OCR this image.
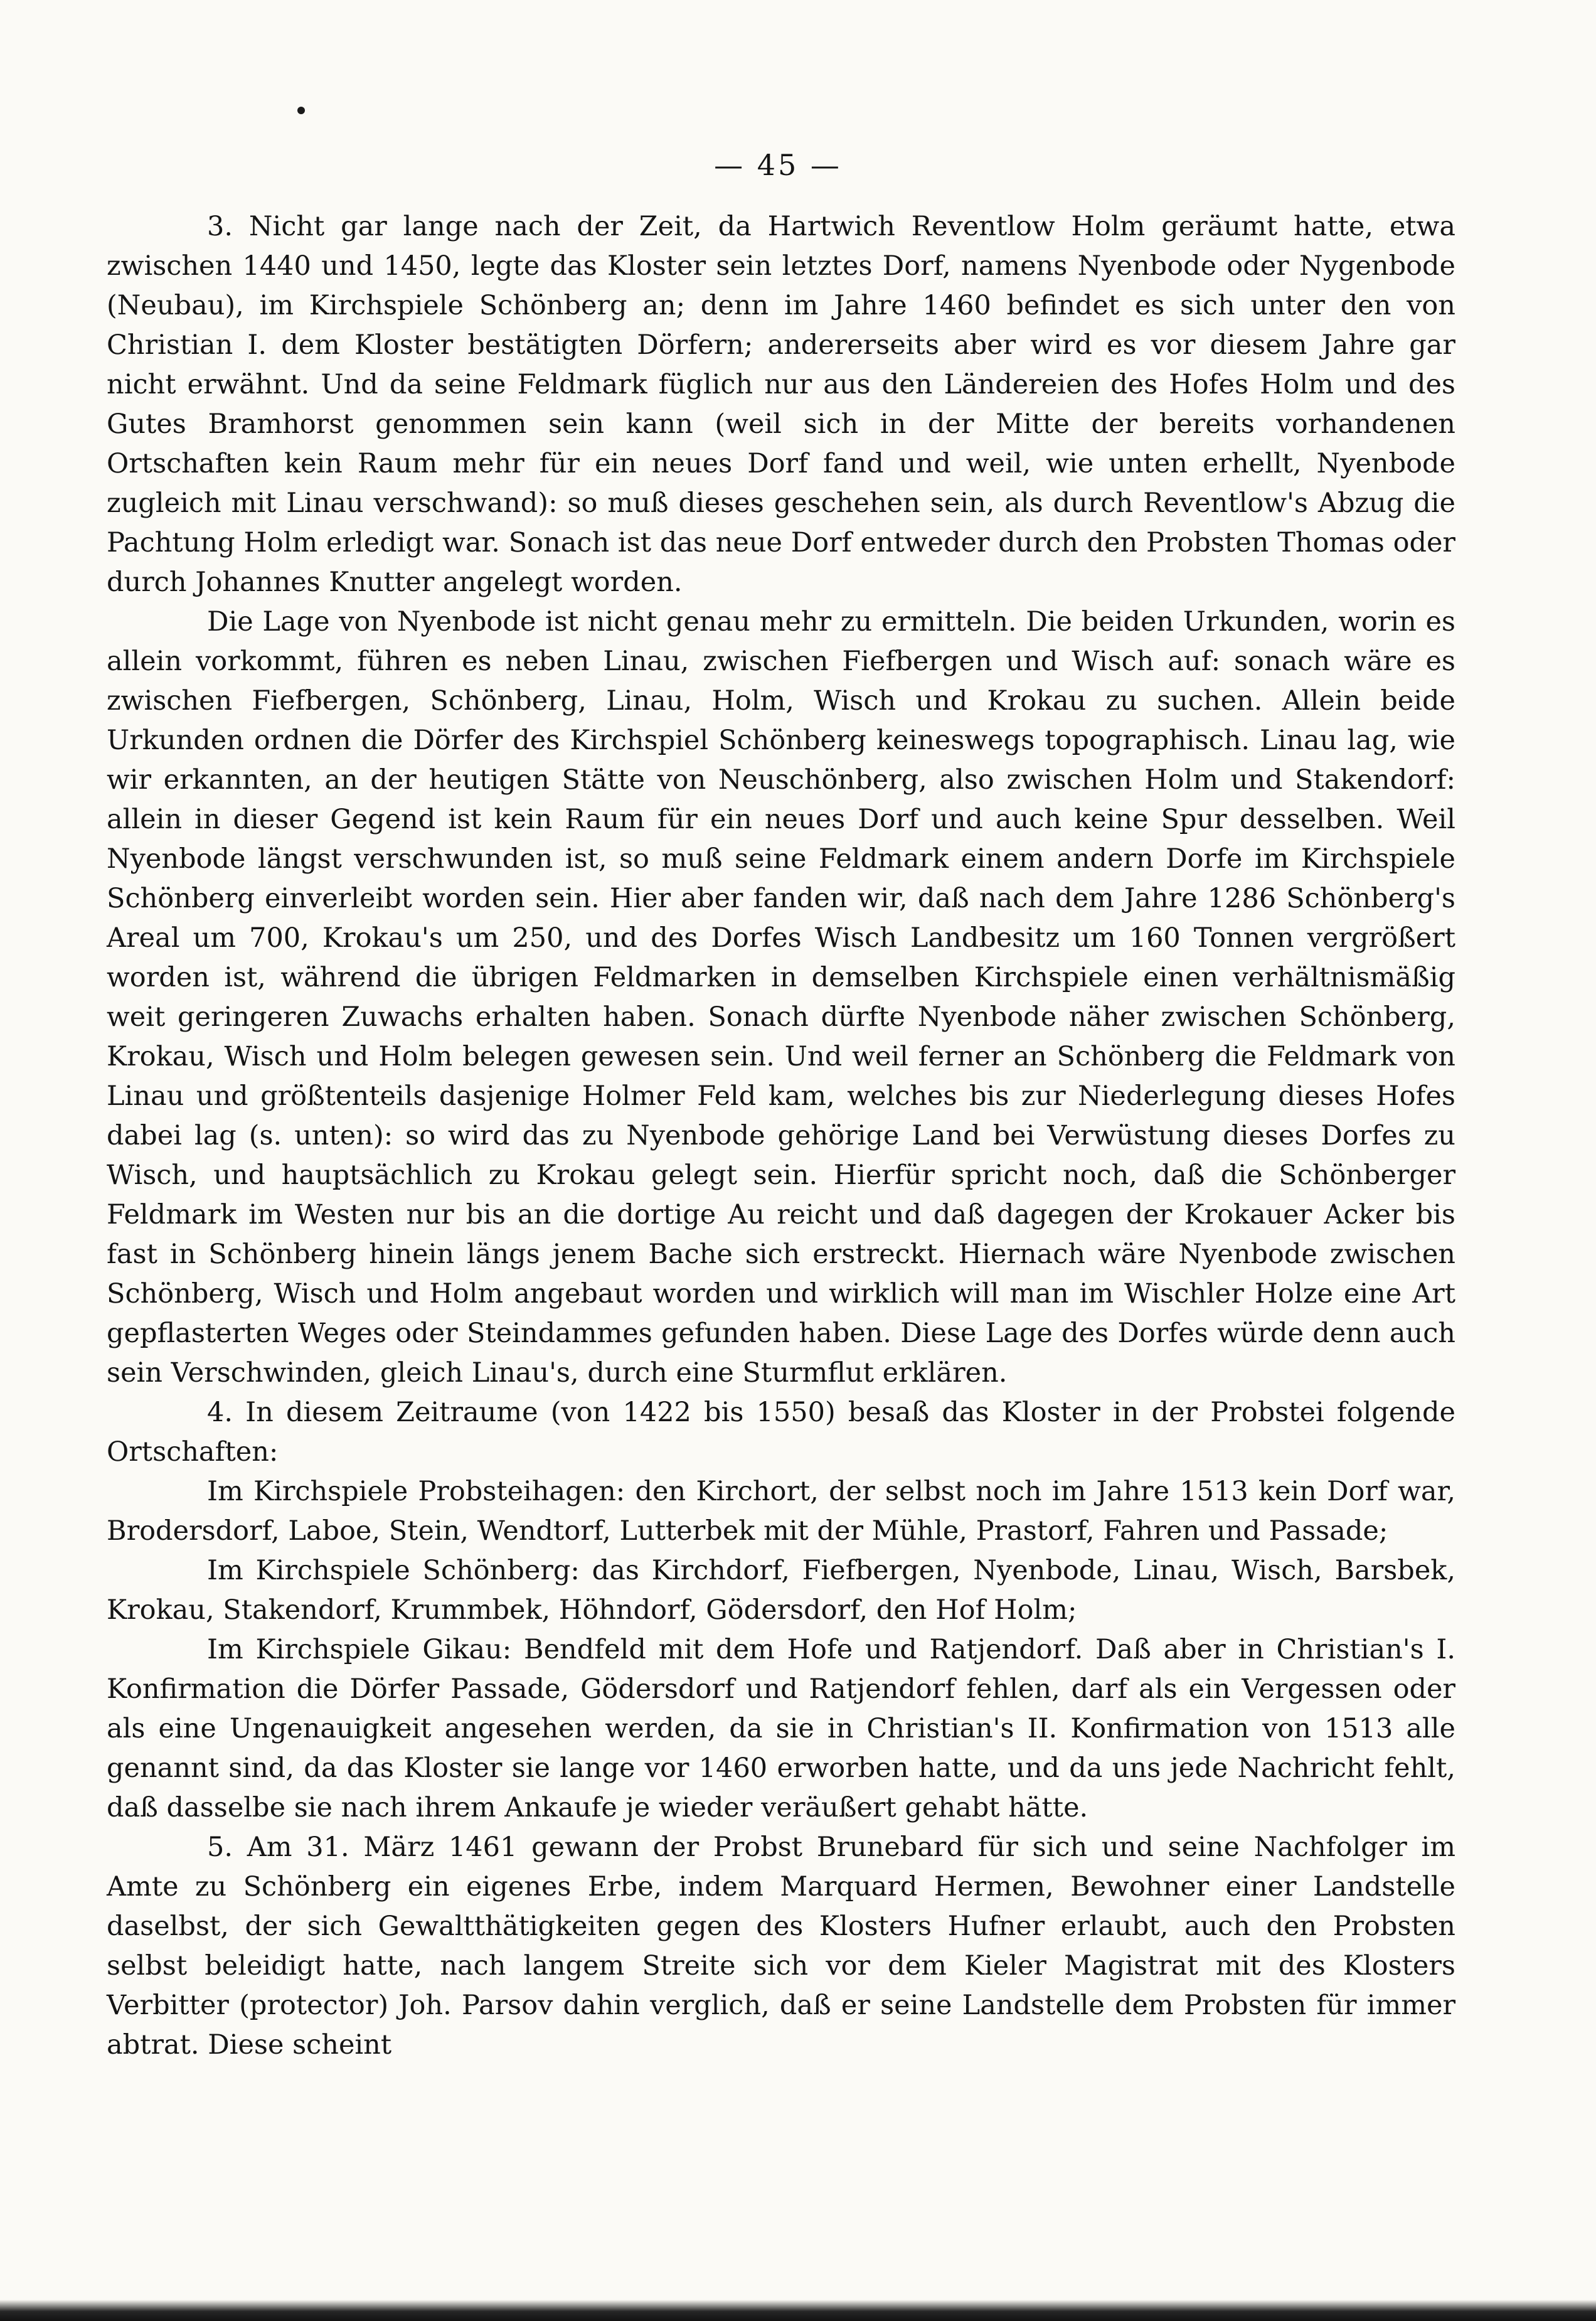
— 45 —

3. Nicht gar lange nach der Zeit, da Hartwich Reventlow Holm geräumt hatte, etwa zwischen 1440 und 1450, legte das Kloster sein letztes Dorf, namens Nyenbode oder Nygenbode (Neubau), im Kirchspiele Schönberg an; denn im Jahre 1460 befindet es sich unter den von Christian I. dem Kloster bestätigten Dörfern; andererseits aber wird es vor diesem Jahre gar nicht erwähnt. Und da seine Feldmark füglich nur aus den Ländereien des Hofes Holm und des Gutes Bramhorst genommen sein kann (weil sich in der Mitte der bereits vorhandenen Ortschaften kein Raum mehr für ein neues Dorf fand und weil, wie unten erhellt, Nyenbode zugleich mit Linau verschwand): so muß dieses geschehen sein, als durch Reventlow's Abzug die Pachtung Holm erledigt war. Sonach ist das neue Dorf entweder durch den Probsten Thomas oder durch Johannes Knutter angelegt worden.

Die Lage von Nyenbode ist nicht genau mehr zu ermitteln. Die beiden Urkunden, worin es allein vorkommt, führen es neben Linau, zwischen Fiefbergen und Wisch auf: sonach wäre es zwischen Fiefbergen, Schönberg, Linau, Holm, Wisch und Krokau zu suchen. Allein beide Urkunden ordnen die Dörfer des Kirchspiel Schönberg keineswegs topographisch. Linau lag, wie wir erkannten, an der heutigen Stätte von Neuschönberg, also zwischen Holm und Stakendorf: allein in dieser Gegend ist kein Raum für ein neues Dorf und auch keine Spur desselben. Weil Nyenbode längst verschwunden ist, so muß seine Feldmark einem andern Dorfe im Kirchspiele Schönberg einverleibt worden sein. Hier aber fanden wir, daß nach dem Jahre 1286 Schönberg's Areal um 700, Krokau's um 250, und des Dorfes Wisch Landbesitz um 160 Tonnen vergrößert worden ist, während die übrigen Feldmarken in demselben Kirchspiele einen verhältnismäßig weit geringeren Zuwachs erhalten haben. Sonach dürfte Nyenbode näher zwischen Schönberg, Krokau, Wisch und Holm belegen gewesen sein. Und weil ferner an Schönberg die Feldmark von Linau und größtenteils dasjenige Holmer Feld kam, welches bis zur Niederlegung dieses Hofes dabei lag (s. unten): so wird das zu Nyenbode gehörige Land bei Verwüstung dieses Dorfes zu Wisch, und hauptsächlich zu Krokau gelegt sein. Hierfür spricht noch, daß die Schönberger Feldmark im Westen nur bis an die dortige Au reicht und daß dagegen der Krokauer Acker bis fast in Schönberg hinein längs jenem Bache sich erstreckt. Hiernach wäre Nyenbode zwischen Schönberg, Wisch und Holm angebaut worden und wirklich will man im Wischler Holze eine Art gepflasterten Weges oder Steindammes gefunden haben. Diese Lage des Dorfes würde denn auch sein Verschwinden, gleich Linau's, durch eine Sturmflut erklären.

4. In diesem Zeitraume (von 1422 bis 1550) besaß das Kloster in der Probstei folgende Ortschaften:

Im Kirchspiele Probsteihagen: den Kirchort, der selbst noch im Jahre 1513 kein Dorf war, Brodersdorf, Laboe, Stein, Wendtorf, Lutterbek mit der Mühle, Prastorf, Fahren und Passade;

Im Kirchspiele Schönberg: das Kirchdorf, Fiefbergen, Nyenbode, Linau, Wisch, Barsbek, Krokau, Stakendorf, Krummbek, Höhndorf, Gödersdorf, den Hof Holm;

Im Kirchspiele Gikau: Bendfeld mit dem Hofe und Ratjendorf. Daß aber in Christian's I. Konfirmation die Dörfer Passade, Gödersdorf und Ratjendorf fehlen, darf als ein Vergessen oder als eine Ungenauigkeit angesehen werden, da sie in Christian's II. Konfirmation von 1513 alle genannt sind, da das Kloster sie lange vor 1460 erworben hatte, und da uns jede Nachricht fehlt, daß dasselbe sie nach ihrem Ankaufe je wieder veräußert gehabt hätte.

5. Am 31. März 1461 gewann der Probst Brunebard für sich und seine Nachfolger im Amte zu Schönberg ein eigenes Erbe, indem Marquard Hermen, Bewohner einer Landstelle daselbst, der sich Gewaltthätigkeiten gegen des Klosters Hufner erlaubt, auch den Probsten selbst beleidigt hatte, nach langem Streite sich vor dem Kieler Magistrat mit des Klosters Verbitter (protector) Joh. Parsov dahin verglich, daß er seine Landstelle dem Probsten für immer abtrat. Diese scheint
